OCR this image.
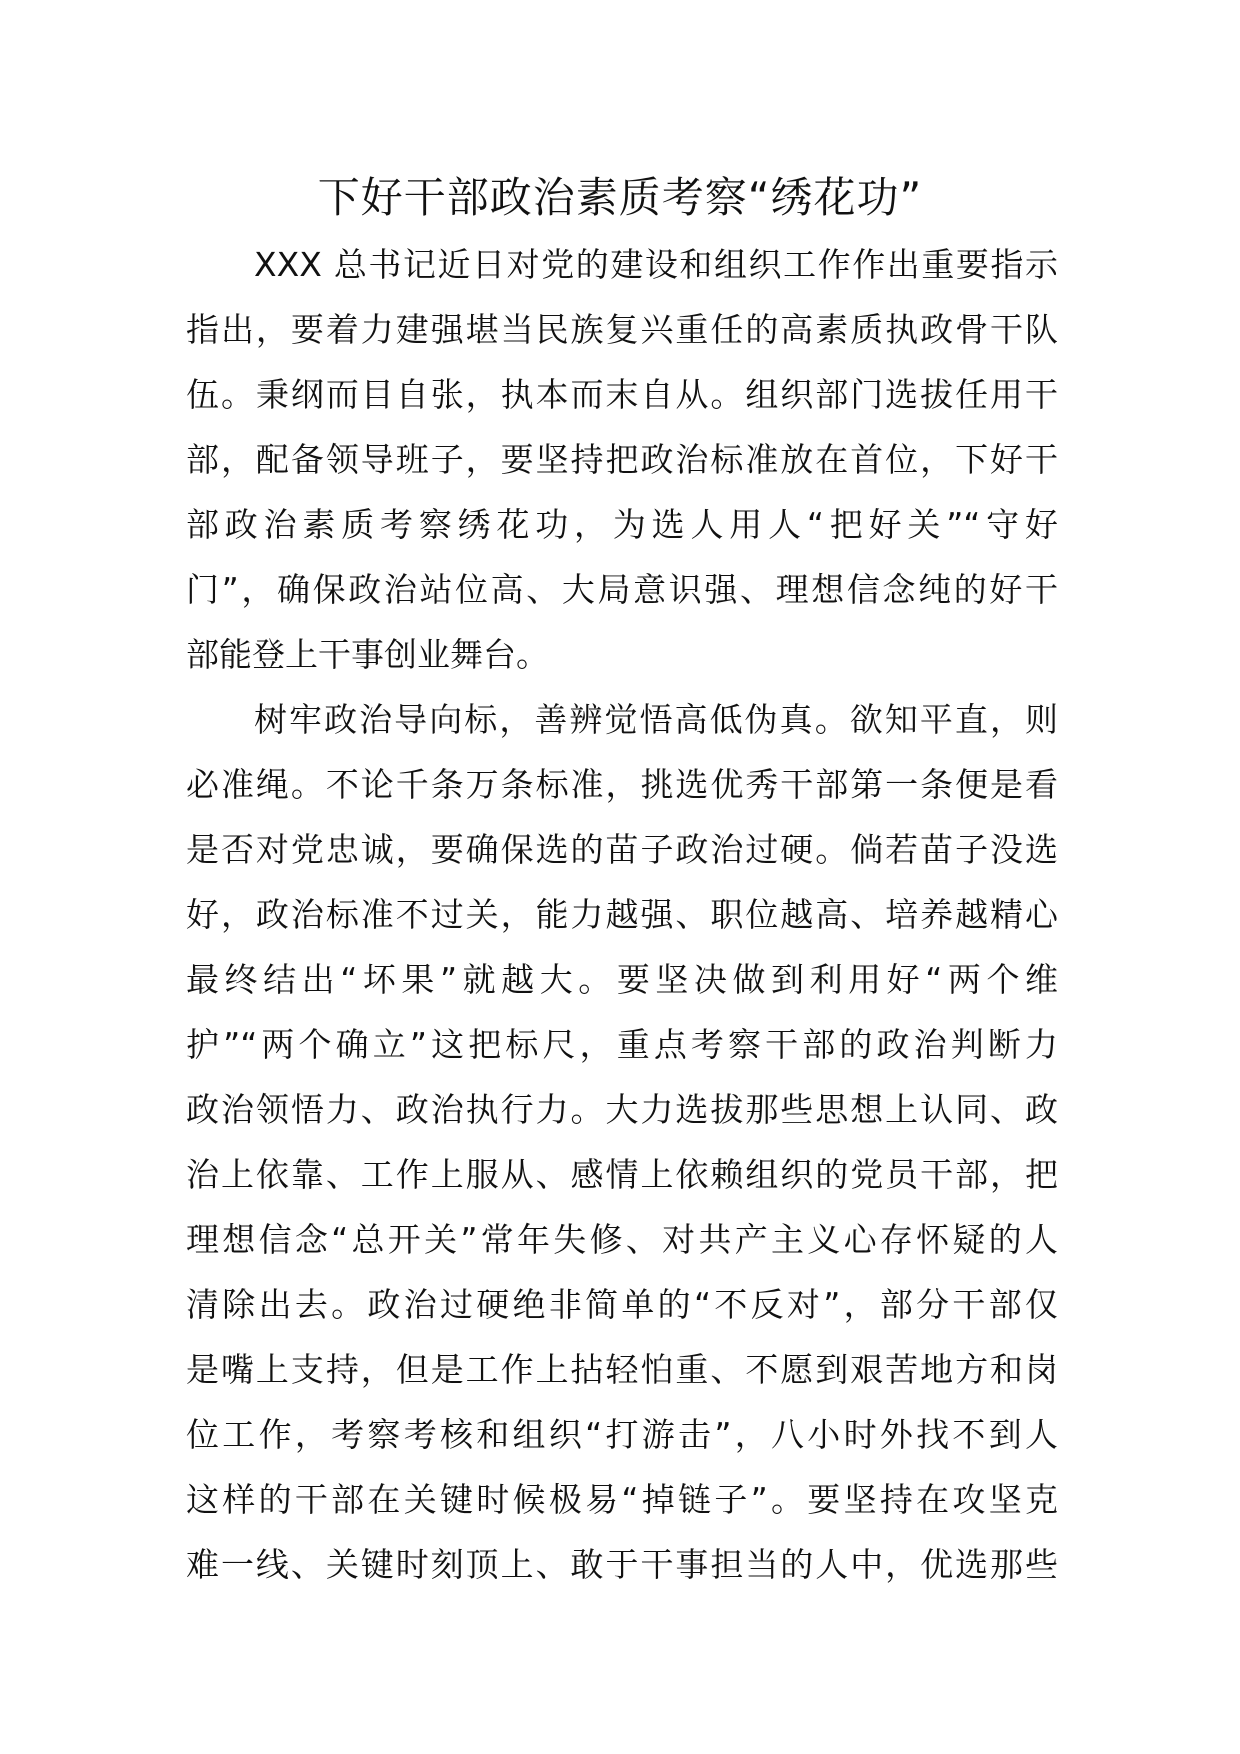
下好干部政治素质考察“绣花功”
XXX 总书记近日对党的建设和组织工作作出重要指示
指出，要着力建强堪当民族复兴重任的高素质执政骨干队
伍。秉纲而目自张，执本而末自从。组织部门选拔任用干
部，配备领导班子，要坚持把政治标准放在首位，下好干
部政治素质考察绣花功，为选人用人“把好关”“守好
门”，确保政治站位高、大局意识强、理想信念纯的好干
部能登上干事创业舞台。
树牢政治导向标，善辨觉悟高低伪真。欲知平直，则
必准绳。不论千条万条标准，挑选优秀干部第一条便是看
是否对党忠诚，要确保选的苗子政治过硬。倘若苗子没选
好，政治标准不过关，能力越强、职位越高、培养越精心
最终结出“坏果”就越大。要坚决做到利用好“两个维
护”“两个确立”这把标尺，重点考察干部的政治判断力
政治领悟力、政治执行力。大力选拔那些思想上认同、政
治上依靠、工作上服从、感情上依赖组织的党员干部，把
理想信念“总开关”常年失修、对共产主义心存怀疑的人
清除出去。政治过硬绝非简单的“不反对”，部分干部仅
是嘴上支持，但是工作上拈轻怕重、不愿到艰苦地方和岗
位工作，考察考核和组织“打游击”，八小时外找不到人
这样的干部在关键时候极易“掉链子”。要坚持在攻坚克
难一线、关键时刻顶上、敢于干事担当的人中，优选那些
